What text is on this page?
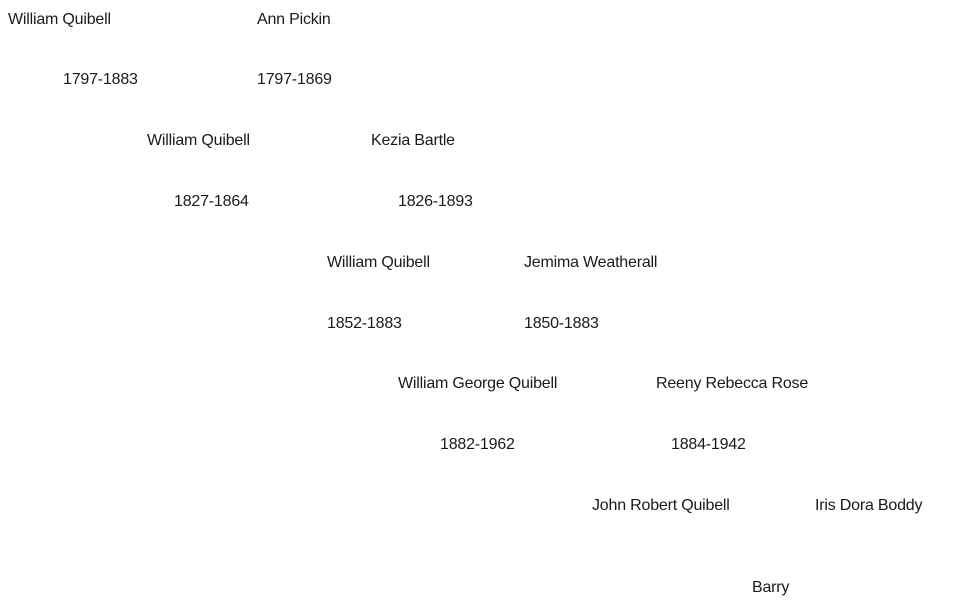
William Quibell	Ann Pickin
1797-1883	1797-1869
William Quibell	Kezia Bartle
1827-1864	1826-1893
William Quibell	Jemima Weatherall
1852-1883	1850-1883
William George Quibell	Reeny Rebecca Rose
1882-1962	1884-1942
John Robert Quibell	Iris Dora Boddy
Barry
